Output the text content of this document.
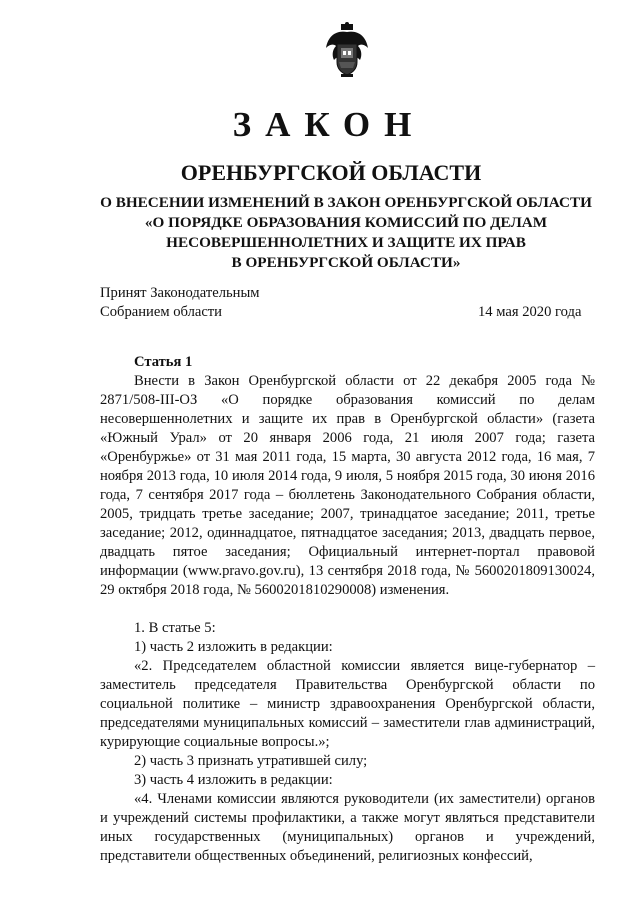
ЗАКОН
ОРЕНБУРГСКОЙ ОБЛАСТИ
О ВНЕСЕНИИ ИЗМЕНЕНИЙ В ЗАКОН ОРЕНБУРГСКОЙ ОБЛАСТИ
«О ПОРЯДКЕ ОБРАЗОВАНИЯ КОМИССИЙ ПО ДЕЛАМ
НЕСОВЕРШЕННОЛЕТНИХ И ЗАЩИТЕ ИХ ПРАВ
В ОРЕНБУРГСКОЙ ОБЛАСТИ»
Принят Законодательным
Собранием области	14 мая 2020 года
Статья 1

Внести в Закон Оренбургской области от 22 декабря 2005 года № 2871/508-III-ОЗ «О порядке образования комиссий по делам несовершеннолетних и защите их прав в Оренбургской области» (газета «Южный Урал» от 20 января 2006 года, 21 июля 2007 года; газета «Оренбуржье» от 31 мая 2011 года, 15 марта, 30 августа 2012 года, 16 мая, 7 ноября 2013 года, 10 июля 2014 года, 9 июля, 5 ноября 2015 года, 30 июня 2016 года, 7 сентября 2017 года – бюллетень Законодательного Собрания области, 2005, тридцать третье заседание; 2007, тринадцатое заседание; 2011, третье заседание; 2012, одиннадцатое, пятнадцатое заседания; 2013, двадцать первое, двадцать пятое заседания; Официальный интернет-портал правовой информации (www.pravo.gov.ru), 13 сентября 2018 года, № 5600201809130024, 29 октября 2018 года, № 5600201810290008) изменения.

1. В статье 5:

1) часть 2 изложить в редакции:

«2. Председателем областной комиссии является вице-губернатор – заместитель председателя Правительства Оренбургской области по социальной политике – министр здравоохранения Оренбургской области, председателями муниципальных комиссий – заместители глав администраций, курирующие социальные вопросы.»;

2) часть 3 признать утратившей силу;

3) часть 4 изложить в редакции:

«4. Членами комиссии являются руководители (их заместители) органов и учреждений системы профилактики, а также могут являться представители иных государственных (муниципальных) органов и учреждений, представители общественных объединений, религиозных конфессий,
